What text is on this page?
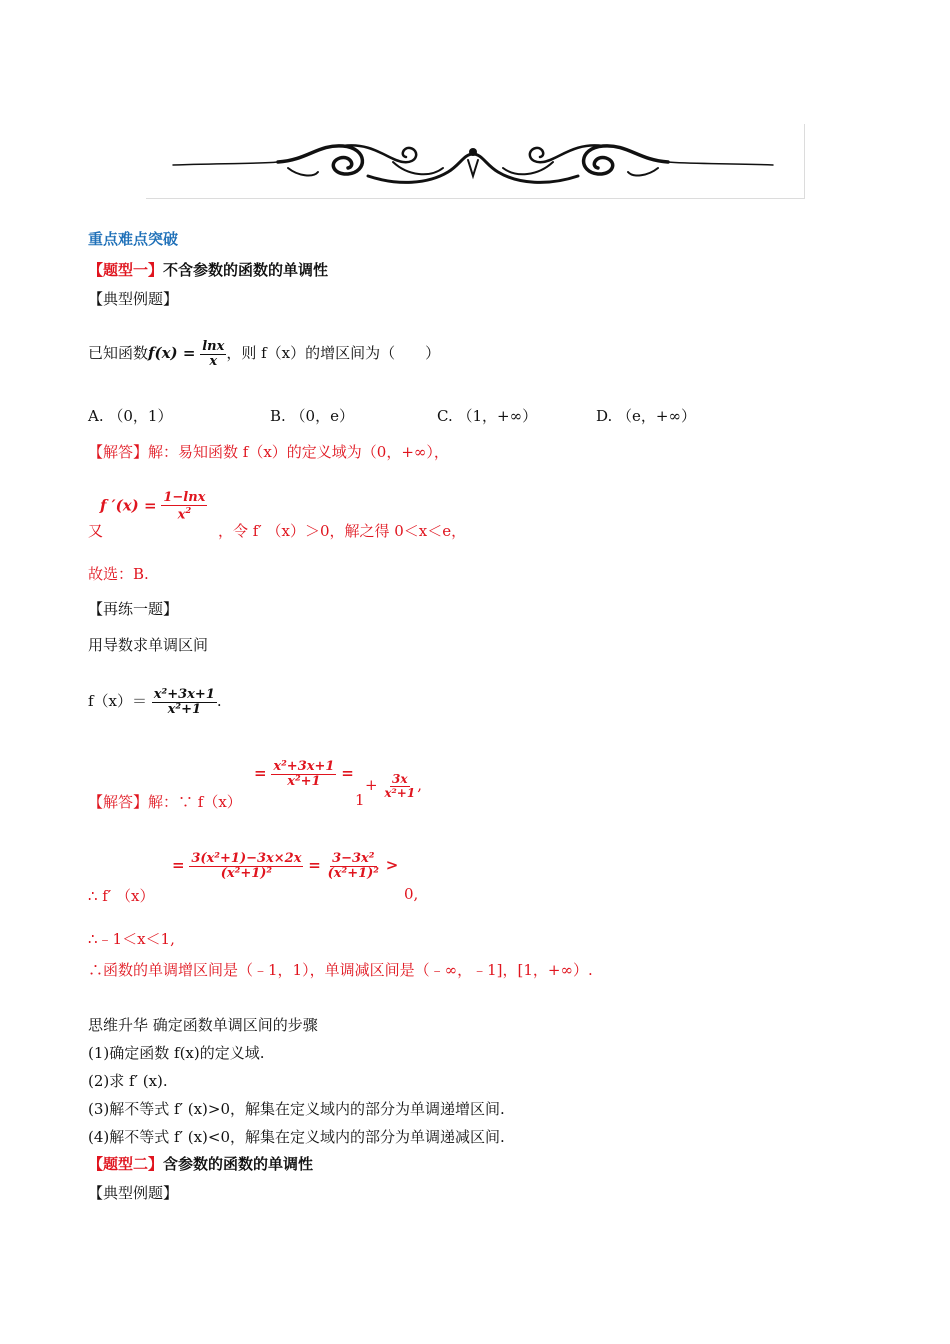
重点难点突破
【题型一】不含参数的函数的单调性
【典型例题】
已知函数$f(x) = \frac{\ln x}{x}$ ，则 f（x）的增区间为（　　）
A. （0，1）	B. （0，e）	C. （1，+∞）	D. （e，+∞）
【解答】解：易知函数 f（x）的定义域为（0，+∞），
f $'(x) = \frac{1-\ln x}{x^2}$
又	，令 f′ （x）＞0，解之得 0＜x＜e，
故选：B.
【再练一题】
用导数求单调区间
$f(x)= \frac{\text{x²+3x+1}}{\text{x²+1}}$ .
【解答】解：∵ f（x）
= $\frac{\text{x²+3x+1}}{\text{x²+1}}$ =
1
+ $\frac{3x}{\text{x²+1}}$ ,
∴ f′ （x）
= $\frac{\text{3(x²+1)−3x×2x}}{\text{(x²+1)²}} = \frac{\text{3−3x²}}{\text{(x²+1)²}}$ >
0,
∴﹣1＜x＜1,
∴函数的单调增区间是（﹣1，1），单调减区间是（﹣∞，﹣1]，[1，+∞）.
思维升华 确定函数单调区间的步骤
(1)确定函数 f(x)的定义域.
(2)求 f′ (x).
(3)解不等式 f′ (x)>0，解集在定义域内的部分为单调递增区间.
(4)解不等式 f′ (x)<0，解集在定义域内的部分为单调递减区间.
【题型二】含参数的函数的单调性
【典型例题】
